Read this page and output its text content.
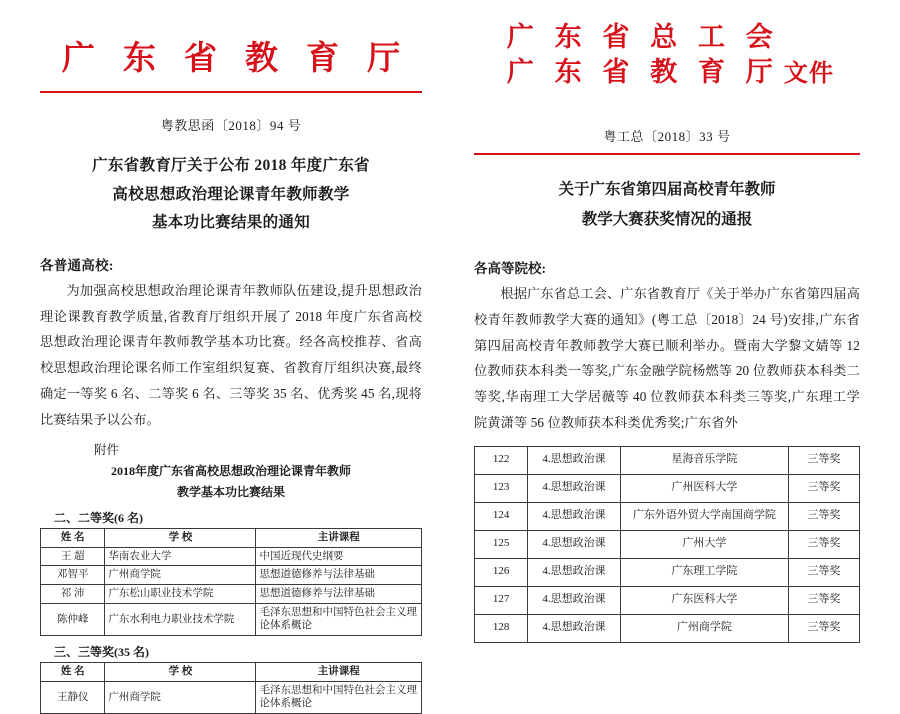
广 东 省 教 育 厅
粤教思函〔2018〕94 号
广东省教育厅关于公布 2018 年度广东省
高校思想政治理论课青年教师教学
基本功比赛结果的通知
各普通高校:
为加强高校思想政治理论课青年教师队伍建设,提升思想政治理论课教育教学质量,省教育厅组织开展了 2018 年度广东省高校思想政治理论课青年教师教学基本功比赛。经各高校推荐、省高校思想政治理论课名师工作室组织复赛、省教育厅组织决赛,最终确定一等奖 6 名、二等奖 6 名、三等奖 35 名、优秀奖 45 名,现将比赛结果予以公布。
附件
2018年度广东省高校思想政治理论课青年教师
教学基本功比赛结果
二、二等奖(6 名)
姓 名	学 校	主讲课程
王 超	华南农业大学	中国近现代史纲要
邓智平	广州商学院	思想道德修养与法律基础
祁 沛	广东松山职业技术学院	思想道德修养与法律基础
陈仲峰	广东水利电力职业技术学院	毛泽东思想和中国特色社会主义理论体系概论
三、三等奖(35 名)
姓 名	学 校	主讲课程
王静仪	广州商学院	毛泽东思想和中国特色社会主义理论体系概论
广 东 省 总 工 会
广 东 省 教 育 厅 文件
粤工总〔2018〕33 号
关于广东省第四届高校青年教师
教学大赛获奖情况的通报
各高等院校:
根据广东省总工会、广东省教育厅《关于举办广东省第四届高校青年教师教学大赛的通知》(粤工总〔2018〕24 号)安排,广东省第四届高校青年教师教学大赛已顺利举办。暨南大学黎文婧等 12 位教师获本科类一等奖,广东金融学院杨燃等 20 位教师获本科类二等奖,华南理工大学居薇等 40 位教师获本科类三等奖,广东理工学院黄潇等 56 位教师获本科类优秀奖;广东省外
122	4.思想政治课	星海音乐学院	三等奖
123	4.思想政治课	广州医科大学	三等奖
124	4.思想政治课	广东外语外贸大学南国商学院	三等奖
125	4.思想政治课	广州大学	三等奖
126	4.思想政治课	广东理工学院	三等奖
127	4.思想政治课	广东医科大学	三等奖
128	4.思想政治课	广州商学院	三等奖
